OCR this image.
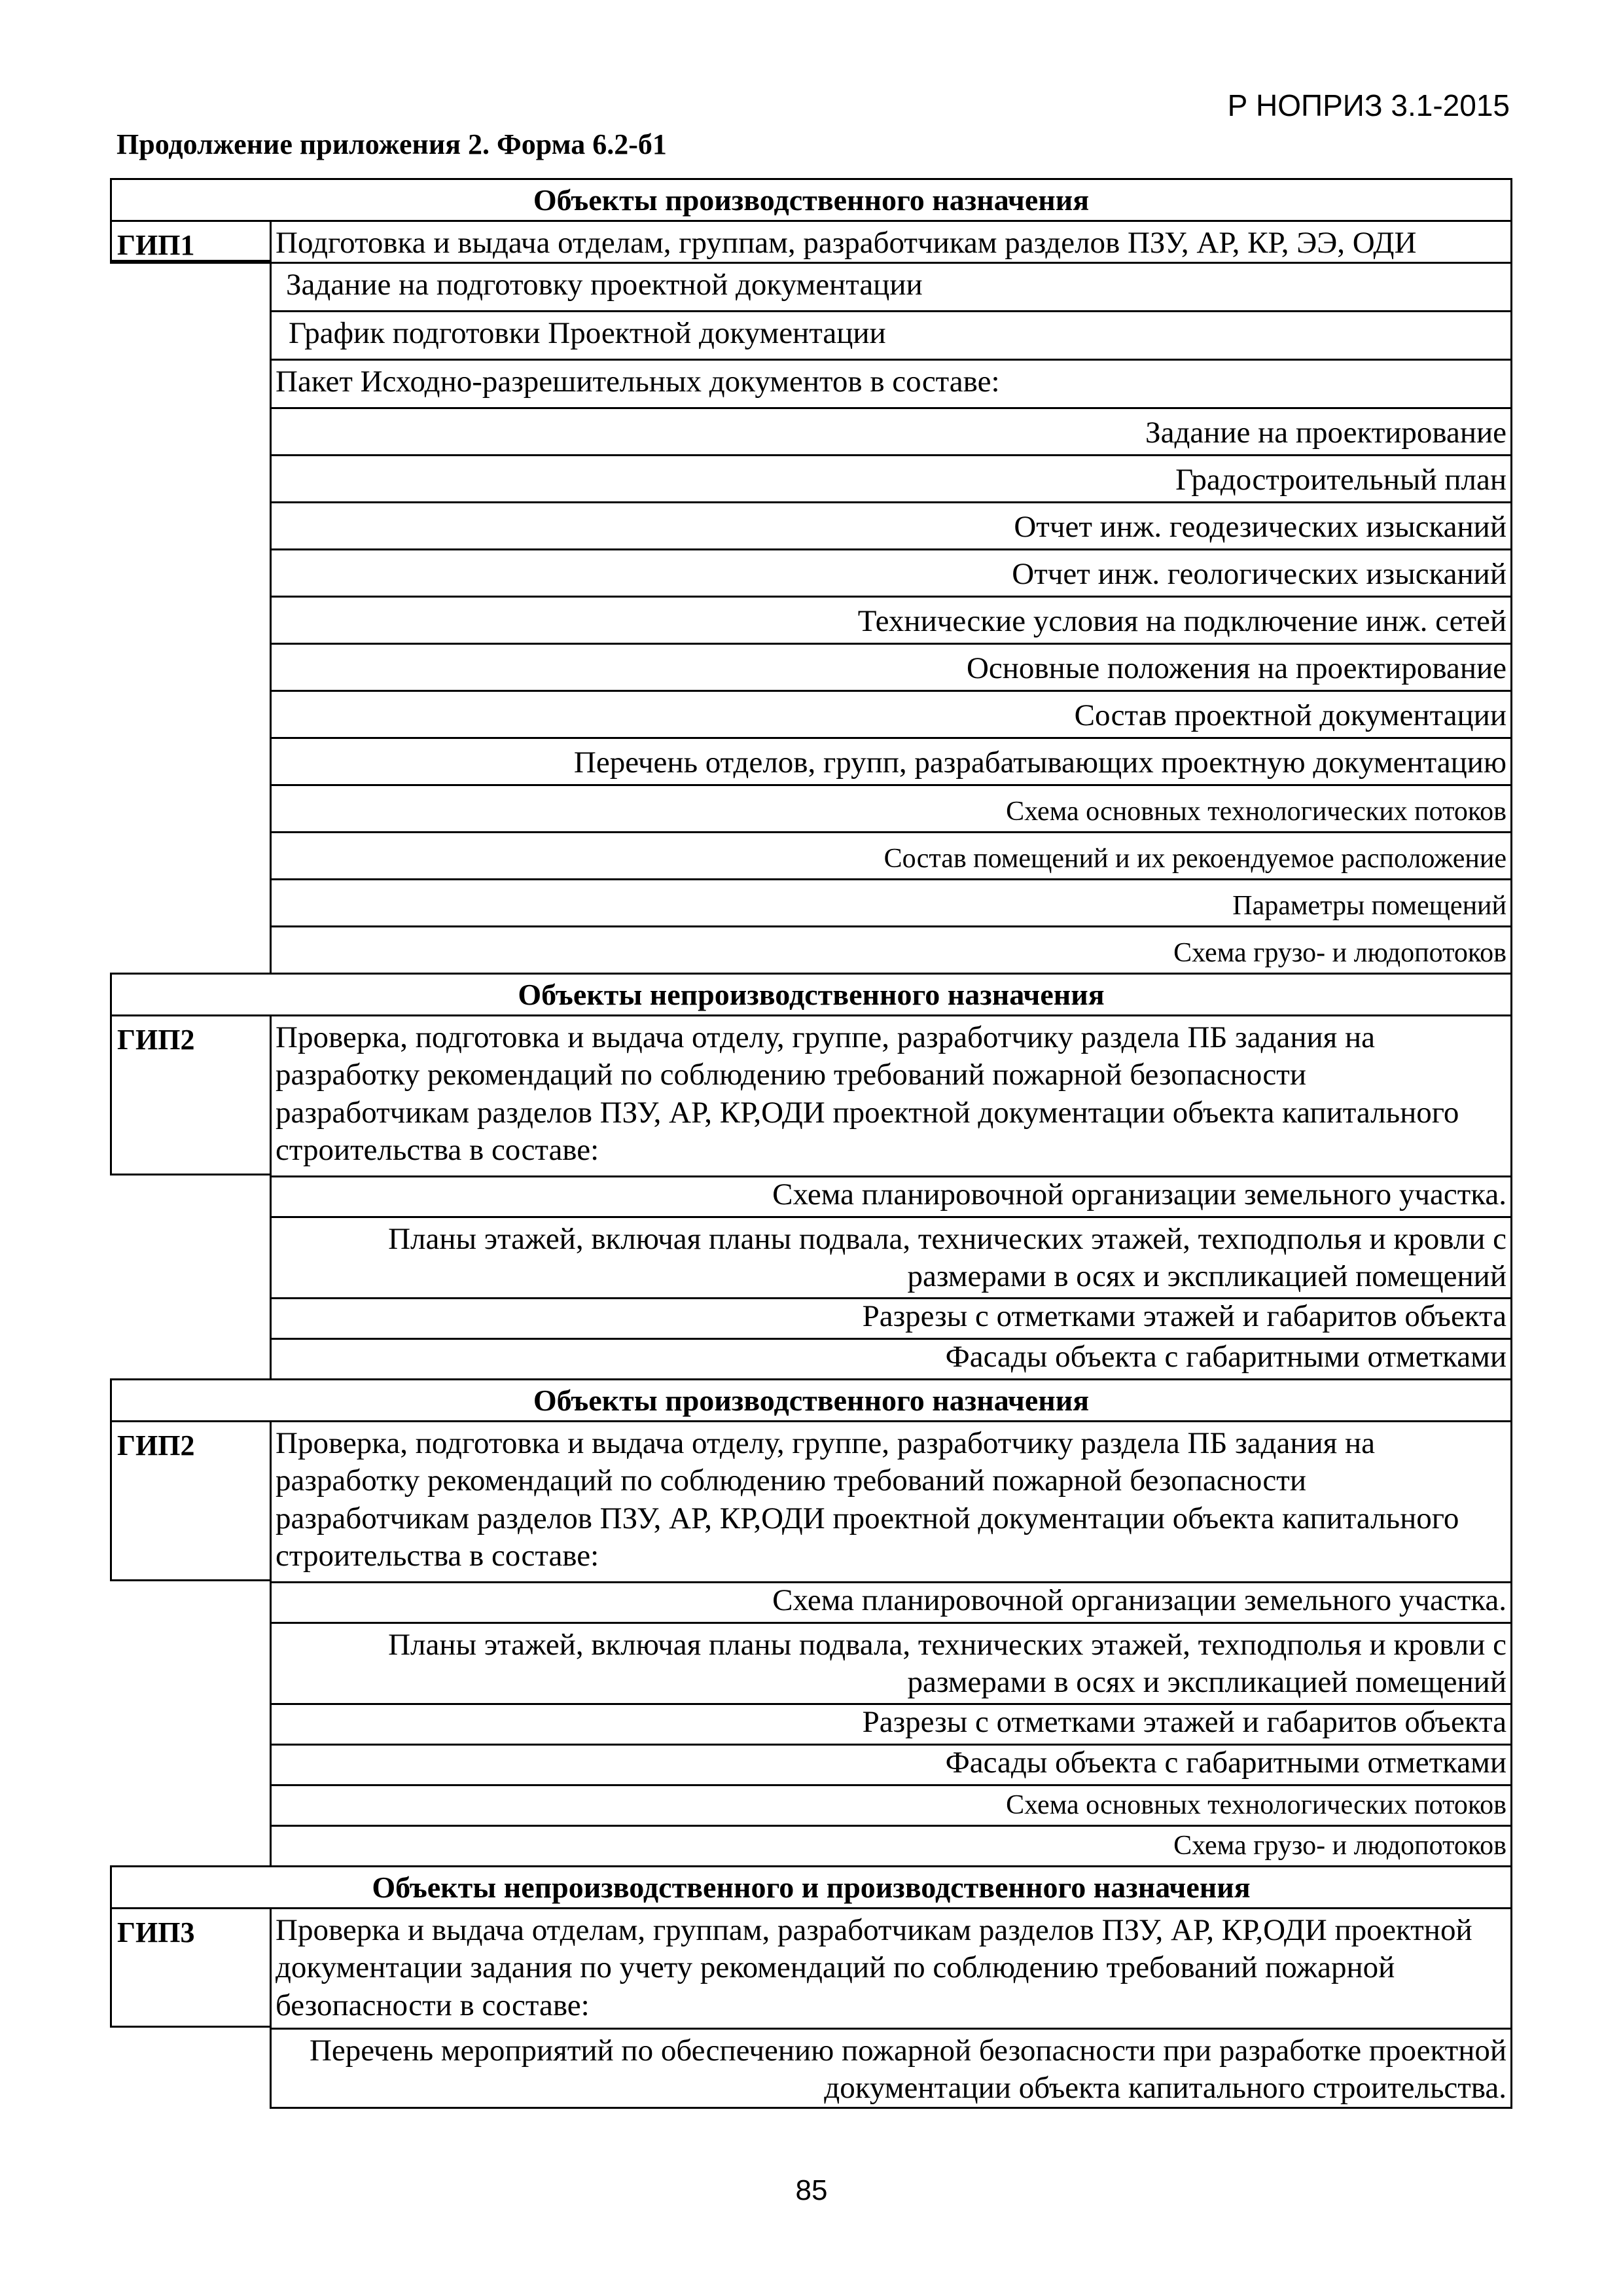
Р НОПРИЗ 3.1-2015
Продолжение приложения 2. Форма 6.2-б1
Объекты производственного назначения
ГИП1	Подготовка и выдача отделам, группам, разработчикам разделов ПЗУ, АР, КР, ЭЭ, ОДИ
Задание на подготовку проектной документации
График подготовки Проектной документации
Пакет Исходно-разрешительных документов в составе:
Задание на проектирование
Градостроительный план
Отчет инж. геодезических изысканий
Отчет инж. геологических изысканий
Технические условия на подключение инж. сетей
Основные положения на проектирование
Состав проектной документации
Перечень отделов, групп, разрабатывающих проектную документацию
Схема основных технологических потоков
Состав помещений и их рекоендуемое расположение
Параметры помещений
Схема грузо- и людопотоков
Объекты непроизводственного назначения
ГИП2	Проверка, подготовка и выдача отделу, группе, разработчику раздела ПБ задания на разработку рекомендаций по соблюдению требований пожарной безопасности разработчикам разделов ПЗУ, АР, КР,ОДИ проектной документации объекта капитального строительства в составе:
Схема планировочной организации земельного участка.
Планы этажей, включая планы подвала, технических этажей, техподполья и кровли с размерами в осях и экспликацией помещений
Разрезы с отметками этажей и габаритов объекта
Фасады объекта с габаритными отметками
Объекты производственного назначения
ГИП2	Проверка, подготовка и выдача отделу, группе, разработчику раздела ПБ задания на разработку рекомендаций по соблюдению требований пожарной безопасности разработчикам разделов ПЗУ, АР, КР,ОДИ проектной документации объекта капитального строительства в составе:
Схема планировочной организации земельного участка.
Планы этажей, включая планы подвала, технических этажей, техподполья и кровли с размерами в осях и экспликацией помещений
Разрезы с отметками этажей и габаритов объекта
Фасады объекта с габаритными отметками
Схема основных технологических потоков
Схема грузо- и людопотоков
Объекты непроизводственного и производственного назначения
ГИП3	Проверка и выдача отделам, группам, разработчикам разделов ПЗУ, АР, КР,ОДИ проектной документации задания по учету рекомендаций по соблюдению требований пожарной безопасности в составе:
Перечень мероприятий по обеспечению пожарной безопасности при разработке проектной документации объекта капитального строительства.
85
